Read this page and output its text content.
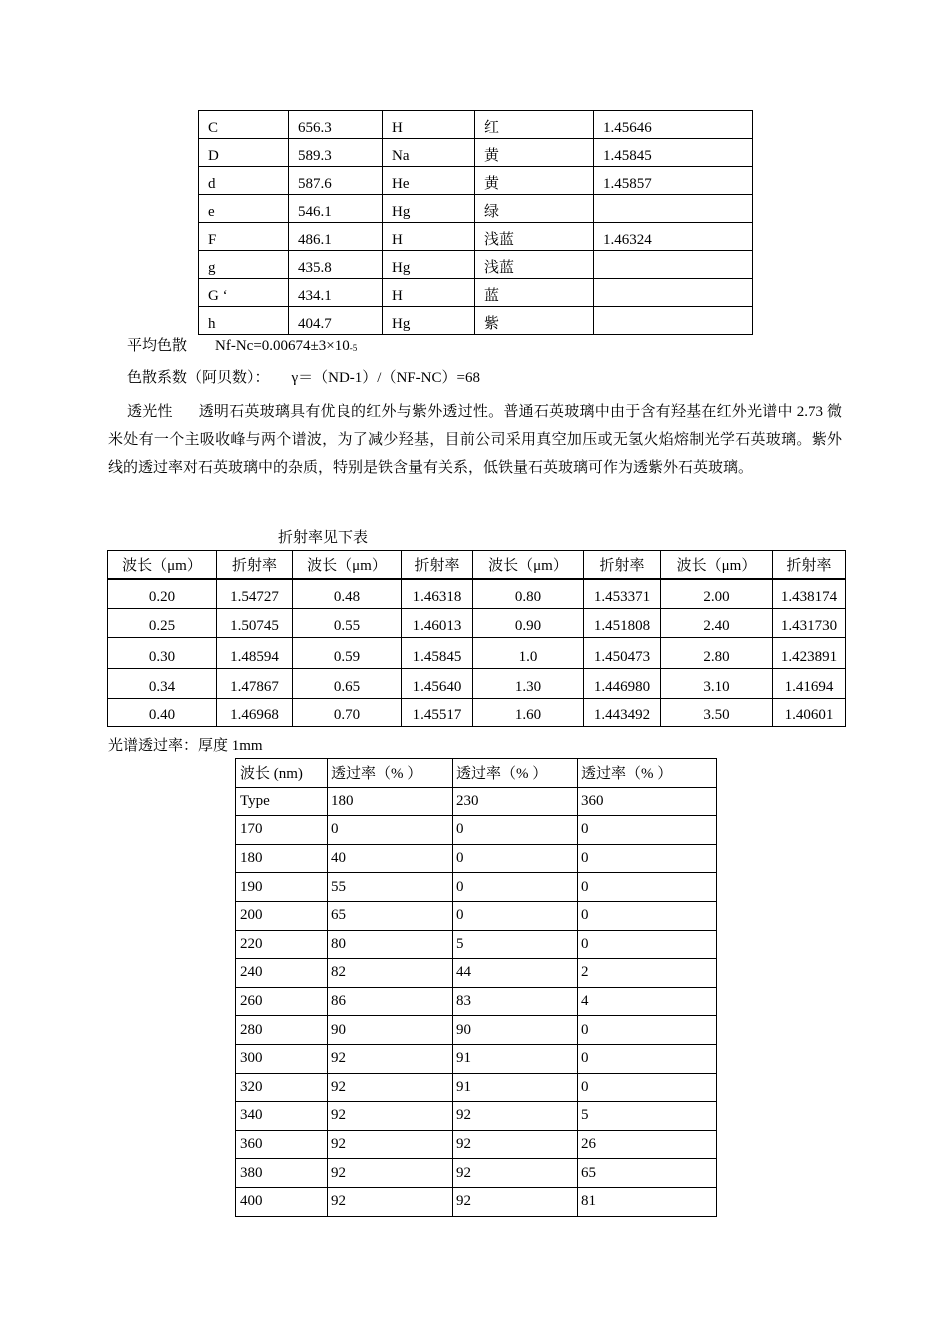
C	656.3	H	红	1.45646
D	589.3	Na	黄	1.45845
d	587.6	He	黄	1.45857
e	546.1	Hg	绿	
F	486.1	H	浅蓝	1.46324
g	435.8	Hg	浅蓝	
G ‘	434.1	H	蓝	
h	404.7	Hg	紫	
平均色散 $Nf-Nc=0.00674\pm 3\times 10_{-5}$
色散系数（阿贝数）： γ＝（ND-1）/（NF-NC）=68
透光性 透明石英玻璃具有优良的红外与紫外透过性。普通石英玻璃中由于含有羟基在红外光谱中 2.73 微米处有一个主吸收峰与两个谱波，为了减少羟基，目前公司采用真空加压或无氢火焰熔制光学石英玻璃。紫外线的透过率对石英玻璃中的杂质，特别是铁含量有关系，低铁量石英玻璃可作为透紫外石英玻璃。
折射率见下表
波长（μm）	折射率	波长（μm）	折射率	波长（μm）	折射率	波长（μm）	折射率
0.20	1.54727	0.48	1.46318	0.80	1.453371	2.00	1.438174
0.25	1.50745	0.55	1.46013	0.90	1.451808	2.40	1.431730
0.30	1.48594	0.59	1.45845	1.0	1.450473	2.80	1.423891
0.34	1.47867	0.65	1.45640	1.30	1.446980	3.10	1.41694
0.40	1.46968	0.70	1.45517	1.60	1.443492	3.50	1.40601
光谱透过率：厚度 1mm
波长 (nm)	透过率（% ）	透过率（% ）	透过率（% ）
Type	180	230	360
170	0	0	0
180	40	0	0
190	55	0	0
200	65	0	0
220	80	5	0
240	82	44	2
260	86	83	4
280	90	90	0
300	92	91	0
320	92	91	0
340	92	92	5
360	92	92	26
380	92	92	65
400	92	92	81
